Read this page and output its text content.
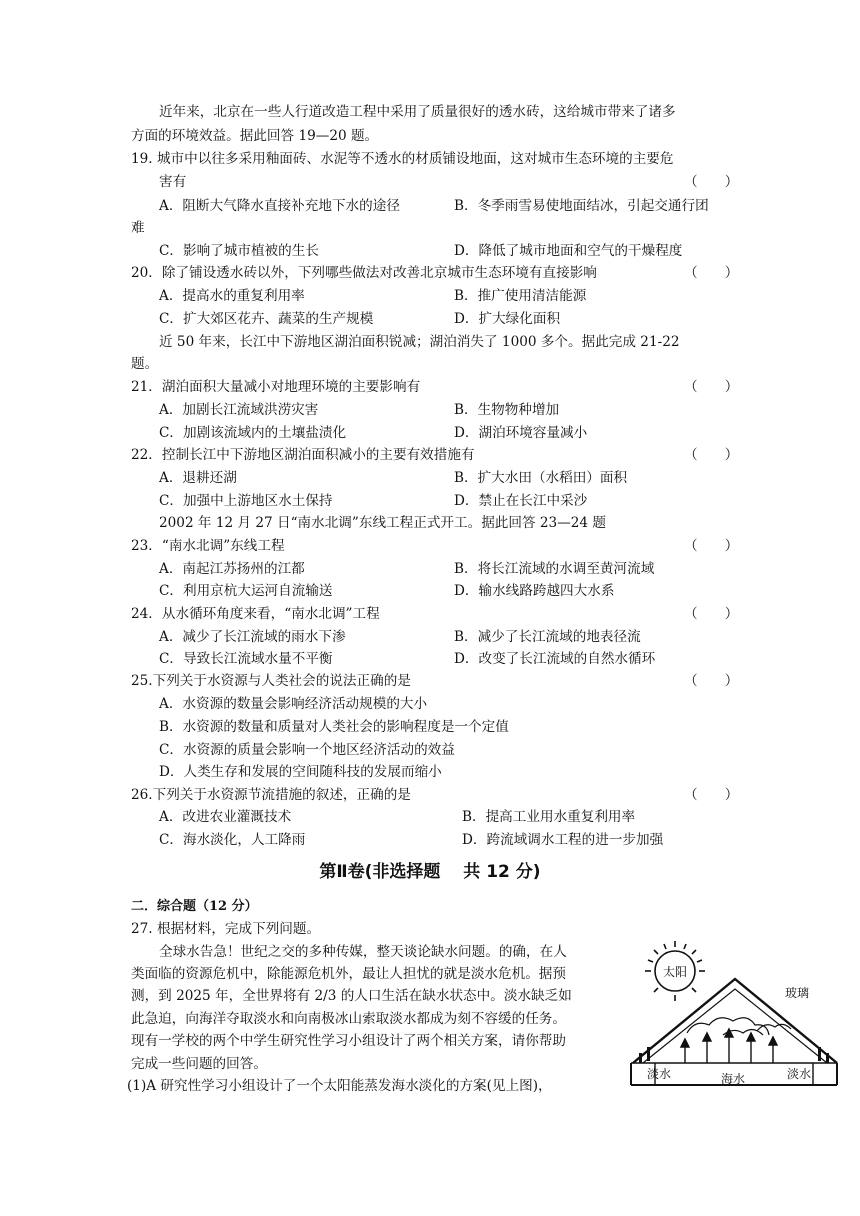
近年来，北京在一些人行道改造工程中采用了质量很好的透水砖，这给城市带来了诸多
方面的环境效益。据此回答 19—20 题。
19. 城市中以往多采用釉面砖、水泥等不透水的材质铺设地面，这对城市生态环境的主要危
害有	（　　）
A．阻断大气降水直接补充地下水的途径	B．冬季雨雪易使地面结冰，引起交通行团
难
C．影响了城市植被的生长	D．降低了城市地面和空气的干燥程度
20．除了铺设透水砖以外，下列哪些做法对改善北京城市生态环境有直接影响	（　　）
A．提高水的重复利用率	B．推广使用清洁能源
C．扩大郊区花卉、蔬菜的生产规模	D．扩大绿化面积
近 50 年来，长江中下游地区湖泊面积锐减；湖泊消失了 1000 多个。据此完成 21-22
题。
21．湖泊面积大量减小对地理环境的主要影响有	（　　）
A．加剧长江流域洪涝灾害	B．生物物种增加
C．加剧该流域内的土壤盐渍化	D．湖泊环境容量减小
22．控制长江中下游地区湖泊面积减小的主要有效措施有	（　　）
A．退耕还湖	B．扩大水田（水稻田）面积
C．加强中上游地区水土保持	D．禁止在长江中采沙
2002 年 12 月 27 日“南水北调”东线工程正式开工。据此回答 23—24 题
23．“南水北调”东线工程	（　　）
A．南起江苏扬州的江都	B．将长江流域的水调至黄河流域
C．利用京杭大运河自流输送	D．输水线路跨越四大水系
24．从水循环角度来看，“南水北调”工程	（　　）
A．减少了长江流域的雨水下渗	B．减少了长江流域的地表径流
C．导致长江流域水量不平衡	D．改变了长江流域的自然水循环
25.下列关于水资源与人类社会的说法正确的是	（　　）
A．水资源的数量会影响经济活动规模的大小
B．水资源的数量和质量对人类社会的影响程度是一个定值
C．水资源的质量会影响一个地区经济活动的效益
D．人类生存和发展的空间随科技的发展而缩小
26.下列关于水资源节流措施的叙述，正确的是	（　　）
A．改进农业灌溉技术	B．提高工业用水重复利用率
C．海水淡化，人工降雨	D．跨流域调水工程的进一步加强
第Ⅱ卷(非选择题　 共 12 分)
二．综合题（12 分）
27. 根据材料，完成下列问题。
全球水告急！世纪之交的多种传媒，整天谈论缺水问题。的确，在人
类面临的资源危机中，除能源危机外，最让人担忧的就是淡水危机。据预
测，到 2025 年，全世界将有 2/3 的人口生活在缺水状态中。淡水缺乏如
此急迫，向海洋夺取淡水和向南极冰山索取淡水都成为刻不容缓的任务。
现有一学校的两个中学生研究性学习小组设计了两个相关方案，请你帮助
完成一些问题的回答。
(1)A 研究性学习小组设计了一个太阳能蒸发海水淡化的方案(见上图)，
太阳
玻璃
淡水	海水	淡水
